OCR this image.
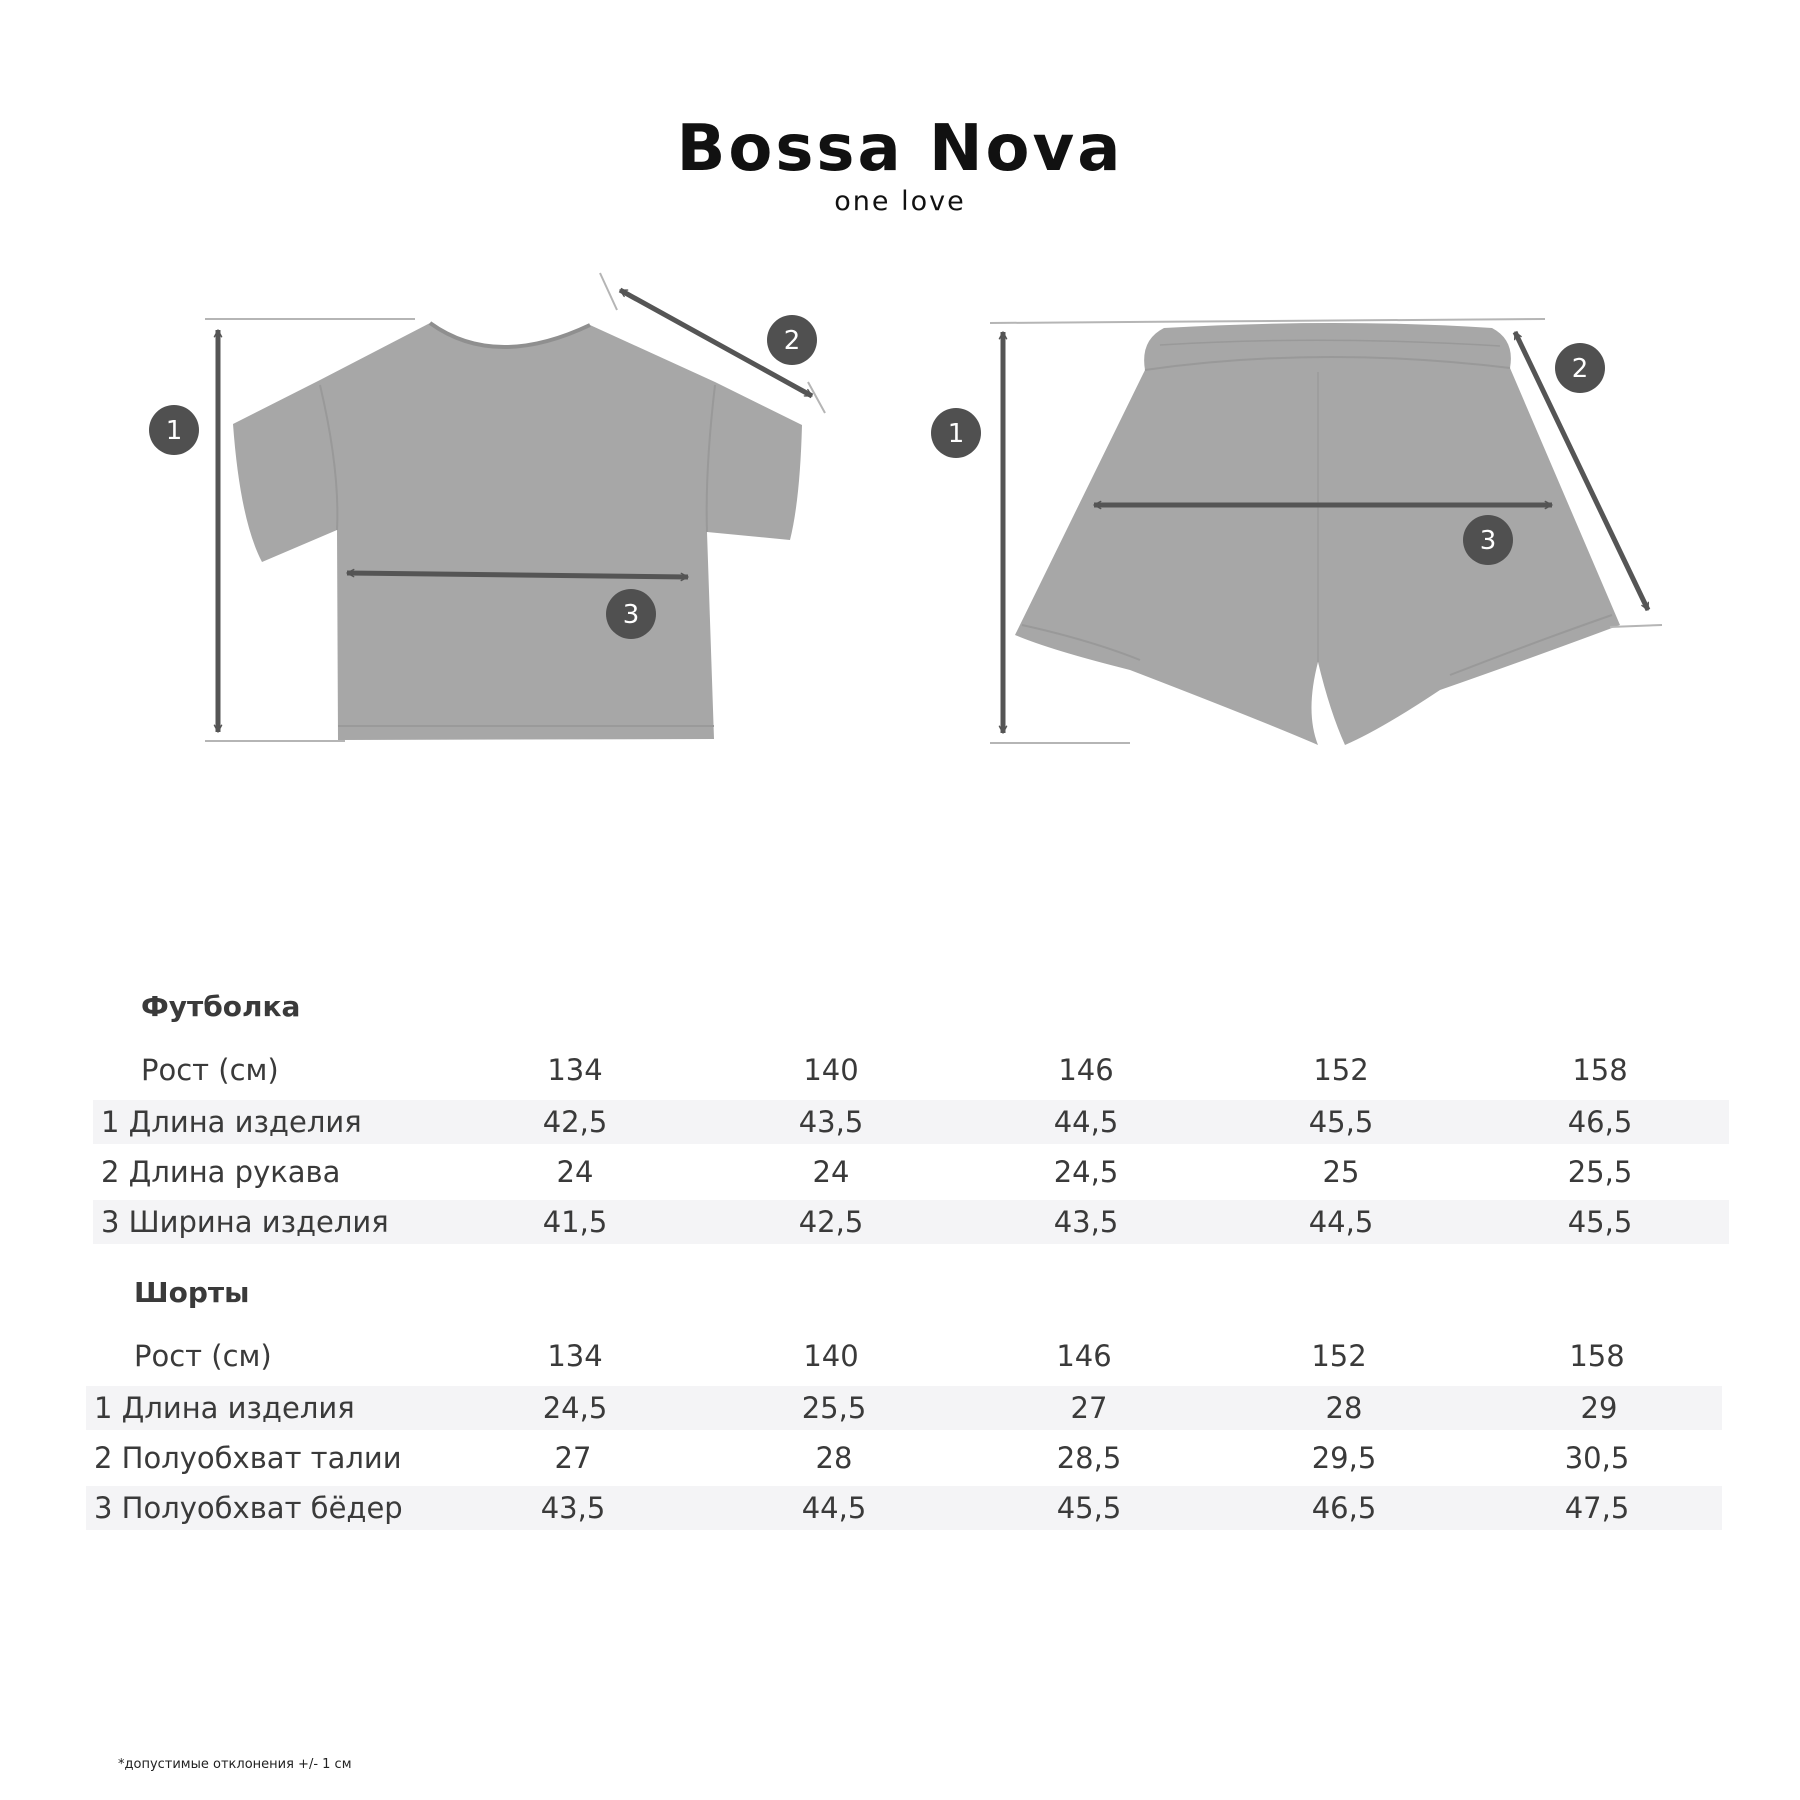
Bossa Nova
one love
1
2
3
1
2
3
Футболка
Рост (см)	134	140	146	152	158
1 Длина изделия	42,5	43,5	44,5	45,5	46,5
2 Длина рукава	24	24	24,5	25	25,5
3 Ширина изделия	41,5	42,5	43,5	44,5	45,5
Шорты
Рост (см)	134	140	146	152	158
1 Длина изделия	24,5	25,5	27	28	29
2 Полуобхват талии	27	28	28,5	29,5	30,5
3 Полуобхват бёдер	43,5	44,5	45,5	46,5	47,5
*допустимые отклонения +/- 1 см
